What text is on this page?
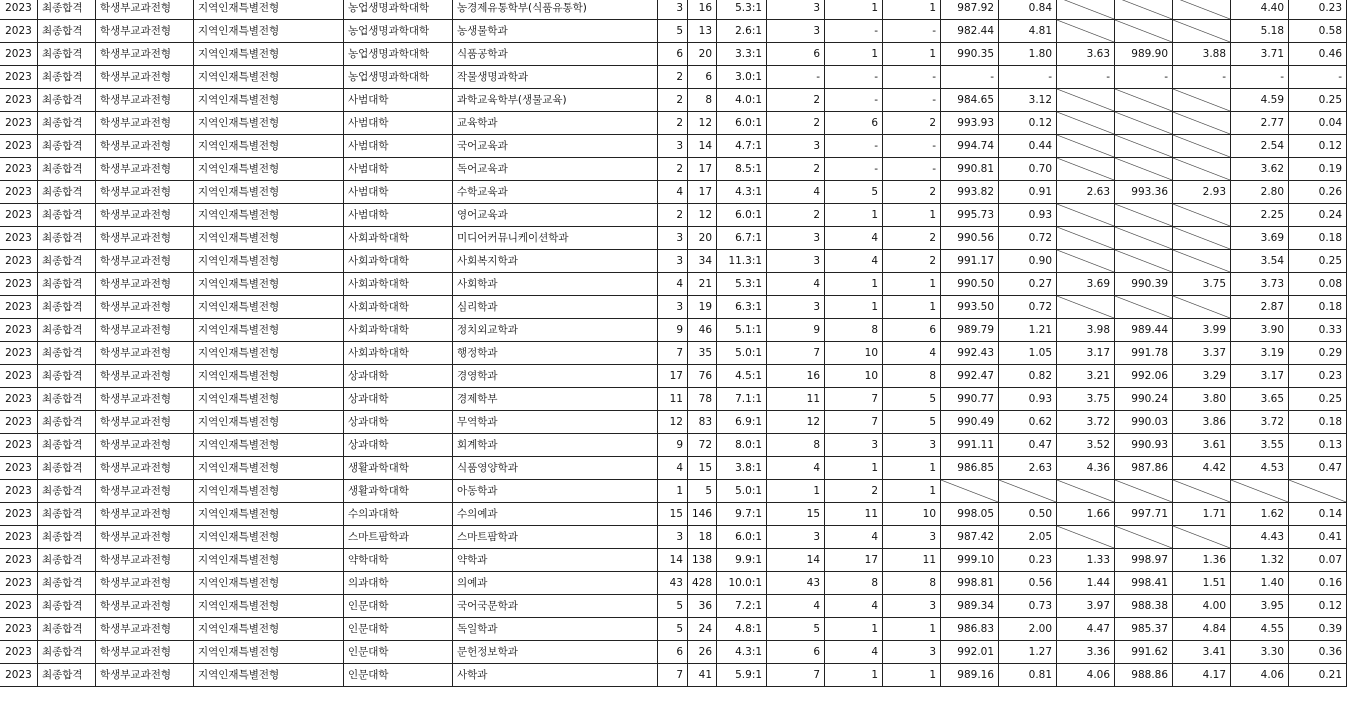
2023	최종합격	학생부교과전형	지역인재특별전형	농업생명과학대학	농경제유통학부(식품유통학)	3	16	5.3:1	3	1	1	987.92	0.84				4.40	0.23
2023	최종합격	학생부교과전형	지역인재특별전형	농업생명과학대학	농생물학과	5	13	2.6:1	3	-	-	982.44	4.81				5.18	0.58
2023	최종합격	학생부교과전형	지역인재특별전형	농업생명과학대학	식품공학과	6	20	3.3:1	6	1	1	990.35	1.80	3.63	989.90	3.88	3.71	0.46
2023	최종합격	학생부교과전형	지역인재특별전형	농업생명과학대학	작물생명과학과	2	6	3.0:1	-	-	-	-	-	-	-	-	-	-
2023	최종합격	학생부교과전형	지역인재특별전형	사범대학	과학교육학부(생물교육)	2	8	4.0:1	2	-	-	984.65	3.12				4.59	0.25
2023	최종합격	학생부교과전형	지역인재특별전형	사범대학	교육학과	2	12	6.0:1	2	6	2	993.93	0.12				2.77	0.04
2023	최종합격	학생부교과전형	지역인재특별전형	사범대학	국어교육과	3	14	4.7:1	3	-	-	994.74	0.44				2.54	0.12
2023	최종합격	학생부교과전형	지역인재특별전형	사범대학	독어교육과	2	17	8.5:1	2	-	-	990.81	0.70				3.62	0.19
2023	최종합격	학생부교과전형	지역인재특별전형	사범대학	수학교육과	4	17	4.3:1	4	5	2	993.82	0.91	2.63	993.36	2.93	2.80	0.26
2023	최종합격	학생부교과전형	지역인재특별전형	사범대학	영어교육과	2	12	6.0:1	2	1	1	995.73	0.93				2.25	0.24
2023	최종합격	학생부교과전형	지역인재특별전형	사회과학대학	미디어커뮤니케이션학과	3	20	6.7:1	3	4	2	990.56	0.72				3.69	0.18
2023	최종합격	학생부교과전형	지역인재특별전형	사회과학대학	사회복지학과	3	34	11.3:1	3	4	2	991.17	0.90				3.54	0.25
2023	최종합격	학생부교과전형	지역인재특별전형	사회과학대학	사회학과	4	21	5.3:1	4	1	1	990.50	0.27	3.69	990.39	3.75	3.73	0.08
2023	최종합격	학생부교과전형	지역인재특별전형	사회과학대학	심리학과	3	19	6.3:1	3	1	1	993.50	0.72				2.87	0.18
2023	최종합격	학생부교과전형	지역인재특별전형	사회과학대학	정치외교학과	9	46	5.1:1	9	8	6	989.79	1.21	3.98	989.44	3.99	3.90	0.33
2023	최종합격	학생부교과전형	지역인재특별전형	사회과학대학	행정학과	7	35	5.0:1	7	10	4	992.43	1.05	3.17	991.78	3.37	3.19	0.29
2023	최종합격	학생부교과전형	지역인재특별전형	상과대학	경영학과	17	76	4.5:1	16	10	8	992.47	0.82	3.21	992.06	3.29	3.17	0.23
2023	최종합격	학생부교과전형	지역인재특별전형	상과대학	경제학부	11	78	7.1:1	11	7	5	990.77	0.93	3.75	990.24	3.80	3.65	0.25
2023	최종합격	학생부교과전형	지역인재특별전형	상과대학	무역학과	12	83	6.9:1	12	7	5	990.49	0.62	3.72	990.03	3.86	3.72	0.18
2023	최종합격	학생부교과전형	지역인재특별전형	상과대학	회계학과	9	72	8.0:1	8	3	3	991.11	0.47	3.52	990.93	3.61	3.55	0.13
2023	최종합격	학생부교과전형	지역인재특별전형	생활과학대학	식품영양학과	4	15	3.8:1	4	1	1	986.85	2.63	4.36	987.86	4.42	4.53	0.47
2023	최종합격	학생부교과전형	지역인재특별전형	생활과학대학	아동학과	1	5	5.0:1	1	2	1							
2023	최종합격	학생부교과전형	지역인재특별전형	수의과대학	수의예과	15	146	9.7:1	15	11	10	998.05	0.50	1.66	997.71	1.71	1.62	0.14
2023	최종합격	학생부교과전형	지역인재특별전형	스마트팜학과	스마트팜학과	3	18	6.0:1	3	4	3	987.42	2.05				4.43	0.41
2023	최종합격	학생부교과전형	지역인재특별전형	약학대학	약학과	14	138	9.9:1	14	17	11	999.10	0.23	1.33	998.97	1.36	1.32	0.07
2023	최종합격	학생부교과전형	지역인재특별전형	의과대학	의예과	43	428	10.0:1	43	8	8	998.81	0.56	1.44	998.41	1.51	1.40	0.16
2023	최종합격	학생부교과전형	지역인재특별전형	인문대학	국어국문학과	5	36	7.2:1	4	4	3	989.34	0.73	3.97	988.38	4.00	3.95	0.12
2023	최종합격	학생부교과전형	지역인재특별전형	인문대학	독일학과	5	24	4.8:1	5	1	1	986.83	2.00	4.47	985.37	4.84	4.55	0.39
2023	최종합격	학생부교과전형	지역인재특별전형	인문대학	문헌정보학과	6	26	4.3:1	6	4	3	992.01	1.27	3.36	991.62	3.41	3.30	0.36
2023	최종합격	학생부교과전형	지역인재특별전형	인문대학	사학과	7	41	5.9:1	7	1	1	989.16	0.81	4.06	988.86	4.17	4.06	0.21
